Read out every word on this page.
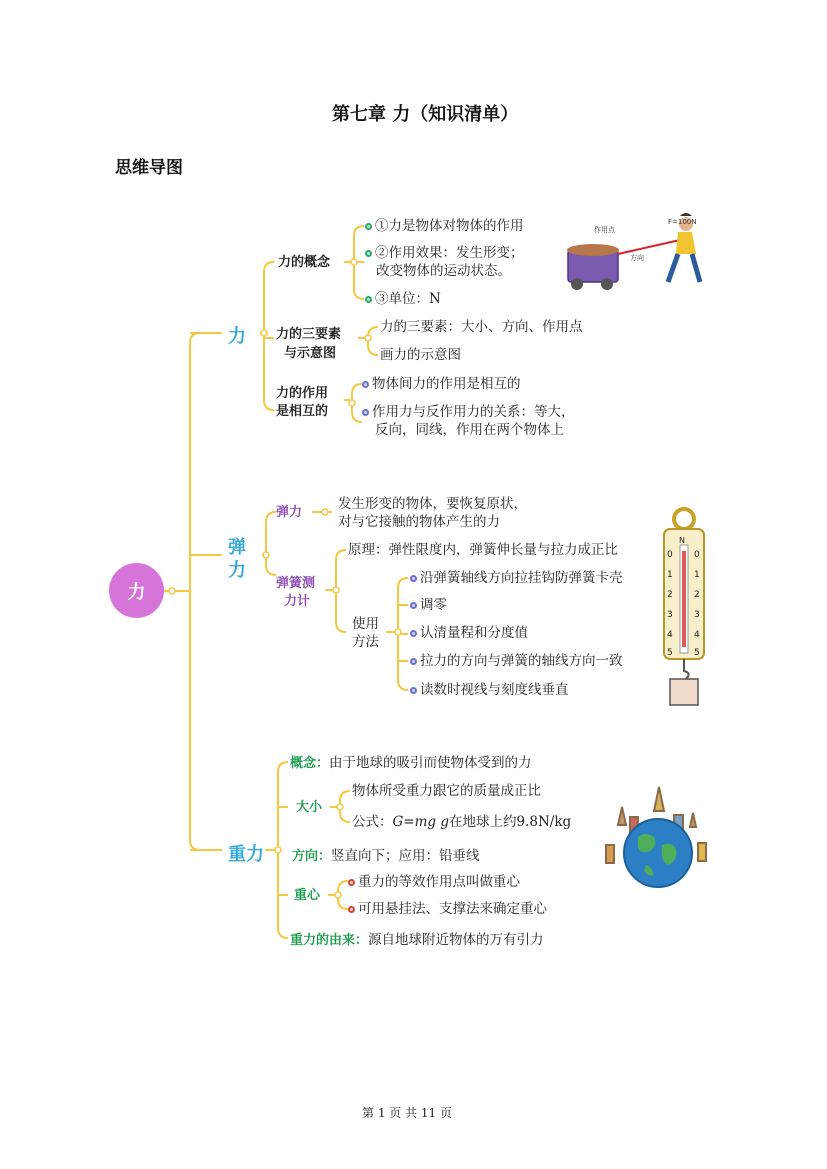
第七章 力（知识清单）
思维导图
力
力
力的概念
①力是物体对物体的作用
②作用效果：发生形变；
改变物体的运动状态。
③单位：N
力的三要素
与示意图
力的三要素：大小、方向、作用点
画力的示意图
力的作用
是相互的
物体间力的作用是相互的
作用力与反作用力的关系：等大，
反向，同线，作用在两个物体上
作用点
F=100N
方向
弹
力
弹力
发生形变的物体，要恢复原状，
对与它接触的物体产生的力
弹簧测
力计
原理：弹性限度内，弹簧伸长量与拉力成正比
使用
方法
沿弹簧轴线方向拉挂钩防弹簧卡壳
调零
认清量程和分度值
拉力的方向与弹簧的轴线方向一致
读数时视线与刻度线垂直
N
0
1
2
3
4
5
0
1
2
3
4
5
重力
概念：由于地球的吸引而使物体受到的力
大小
物体所受重力跟它的质量成正比
公式：G=mg g在地球上约9.8N/kg
方向：竖直向下；应用：铅垂线
重心
重力的等效作用点叫做重心
可用悬挂法、支撑法来确定重心
重力的由来：源自地球附近物体的万有引力
第 1 页 共 11 页
